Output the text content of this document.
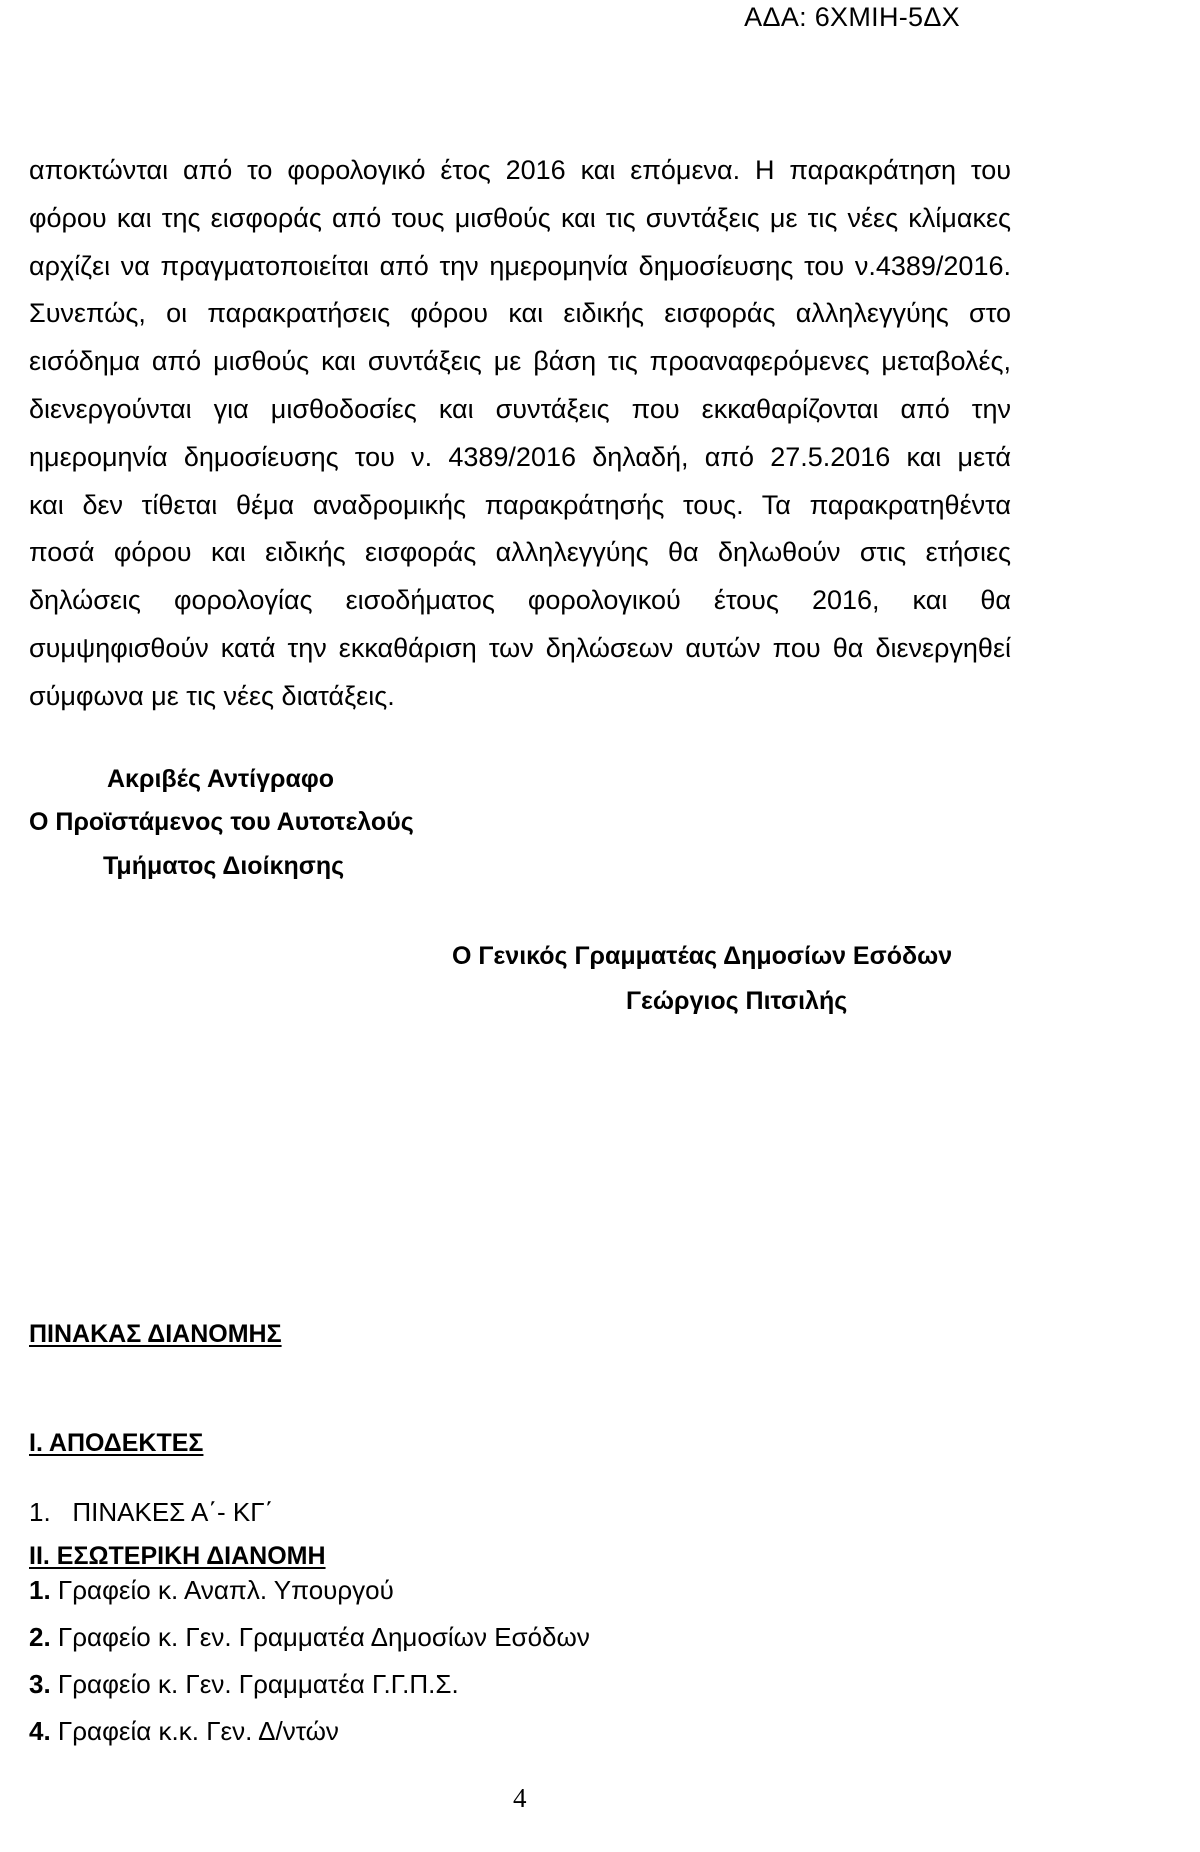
ΑΔΑ: 6ΧΜΙΗ-5ΔΧ
αποκτώνται από το φορολογικό έτος 2016 και επόμενα. Η παρακράτηση του
φόρου και της εισφοράς από τους μισθούς και τις συντάξεις με τις νέες κλίμακες
αρχίζει να πραγματοποιείται από την ημερομηνία δημοσίευσης του ν.4389/2016.
Συνεπώς, οι παρακρατήσεις φόρου και ειδικής εισφοράς αλληλεγγύης στο
εισόδημα από μισθούς και συντάξεις με βάση τις προαναφερόμενες μεταβολές,
διενεργούνται για μισθοδοσίες και συντάξεις που εκκαθαρίζονται από την
ημερομηνία δημοσίευσης του ν. 4389/2016 δηλαδή, από 27.5.2016 και μετά
και δεν τίθεται θέμα αναδρομικής παρακράτησής τους. Τα παρακρατηθέντα
ποσά φόρου και ειδικής εισφοράς αλληλεγγύης θα δηλωθούν στις ετήσιες
δηλώσεις φορολογίας εισοδήματος φορολογικού έτους 2016, και θα
συμψηφισθούν κατά την εκκαθάριση των δηλώσεων αυτών που θα διενεργηθεί
σύμφωνα με τις νέες διατάξεις.
Ακριβές Αντίγραφο
Ο Προϊστάμενος του Αυτοτελούς
Τμήματος Διοίκησης
Ο Γενικός Γραμματέας Δημοσίων Εσόδων
Γεώργιος Πιτσιλής
ΠΙΝΑΚΑΣ ΔΙΑΝΟΜΗΣ
Ι. ΑΠΟΔΕΚΤΕΣ
1.   ΠΙΝΑΚΕΣ Α΄- ΚΓ΄
ΙΙ. ΕΣΩΤΕΡΙΚΗ ΔΙΑΝΟΜΗ
1. Γραφείο κ. Αναπλ. Υπουργού
2. Γραφείο κ. Γεν. Γραμματέα Δημοσίων Εσόδων
3. Γραφείο κ. Γεν. Γραμματέα Γ.Γ.Π.Σ.
4. Γραφεία κ.κ. Γεν. Δ/ντών
4
